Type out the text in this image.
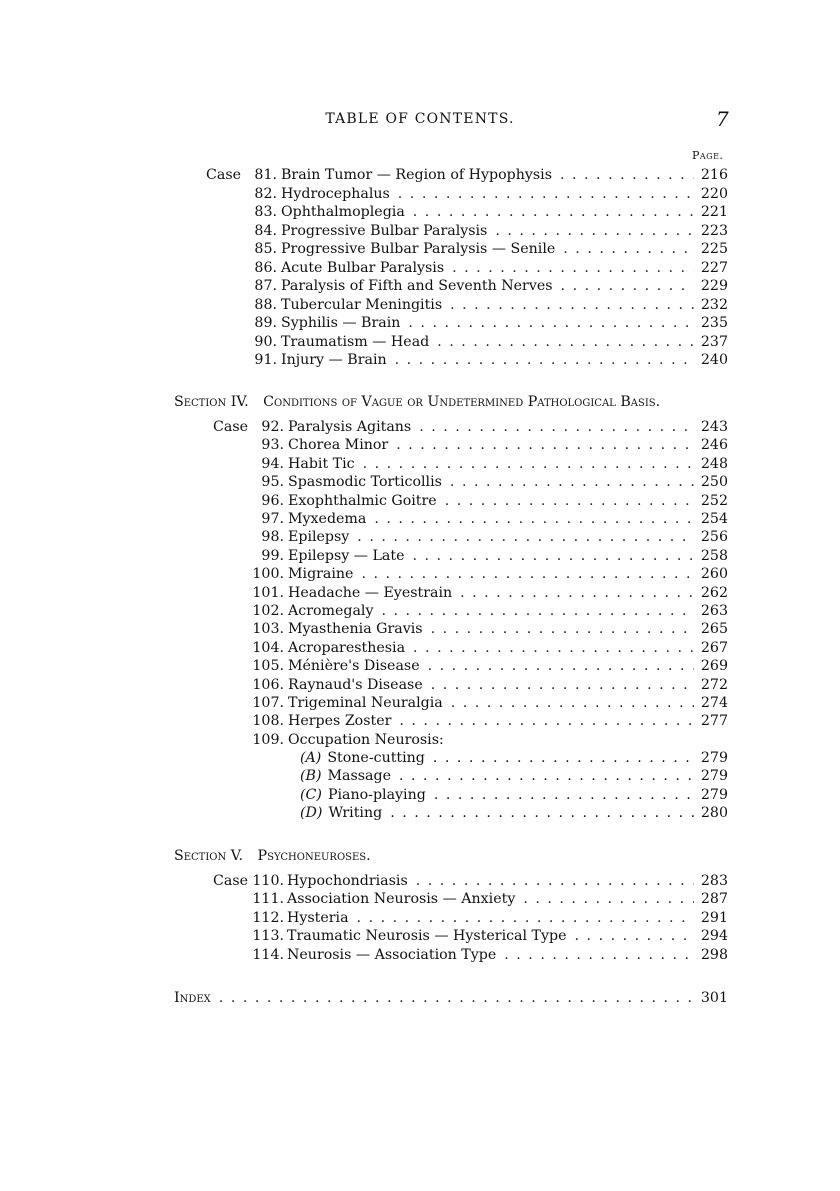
TABLE OF CONTENTS.	7
Page.
Case 81. Brain Tumor — Region of Hypophysis . . .	216
82. Hydrocephalus . . .	220
83. Ophthalmoplegia . . .	221
84. Progressive Bulbar Paralysis . . .	223
85. Progressive Bulbar Paralysis — Senile . . .	225
86. Acute Bulbar Paralysis . . .	227
87. Paralysis of Fifth and Seventh Nerves . . .	229
88. Tubercular Meningitis . . .	232
89. Syphilis — Brain . . .	235
90. Traumatism — Head . . .	237
91. Injury — Brain . . .	240
Section IV. Conditions of Vague or Undetermined Pathological Basis.
Case 92. Paralysis Agitans . . .	243
93. Chorea Minor . . .	246
94. Habit Tic . . .	248
95. Spasmodic Torticollis . . .	250
96. Exophthalmic Goitre . . .	252
97. Myxedema . . .	254
98. Epilepsy . . .	256
99. Epilepsy — Late . . .	258
100. Migraine . . .	260
101. Headache — Eyestrain . . .	262
102. Acromegaly . . .	263
103. Myasthenia Gravis . . .	265
104. Acroparesthesia . . .	267
105. Ménière's Disease . . .	269
106. Raynaud's Disease . . .	272
107. Trigeminal Neuralgia . . .	274
108. Herpes Zoster . . .	277
109. Occupation Neurosis:
(A) Stone-cutting . . .	279
(B) Massage . . .	279
(C) Piano-playing . . .	279
(D) Writing . . .	280
Section V. Psychoneuroses.
Case 110. Hypochondriasis . . .	283
111. Association Neurosis — Anxiety . . .	287
112. Hysteria . . .	291
113. Traumatic Neurosis — Hysterical Type . . .	294
114. Neurosis — Association Type . . .	298
Index . . .	301
